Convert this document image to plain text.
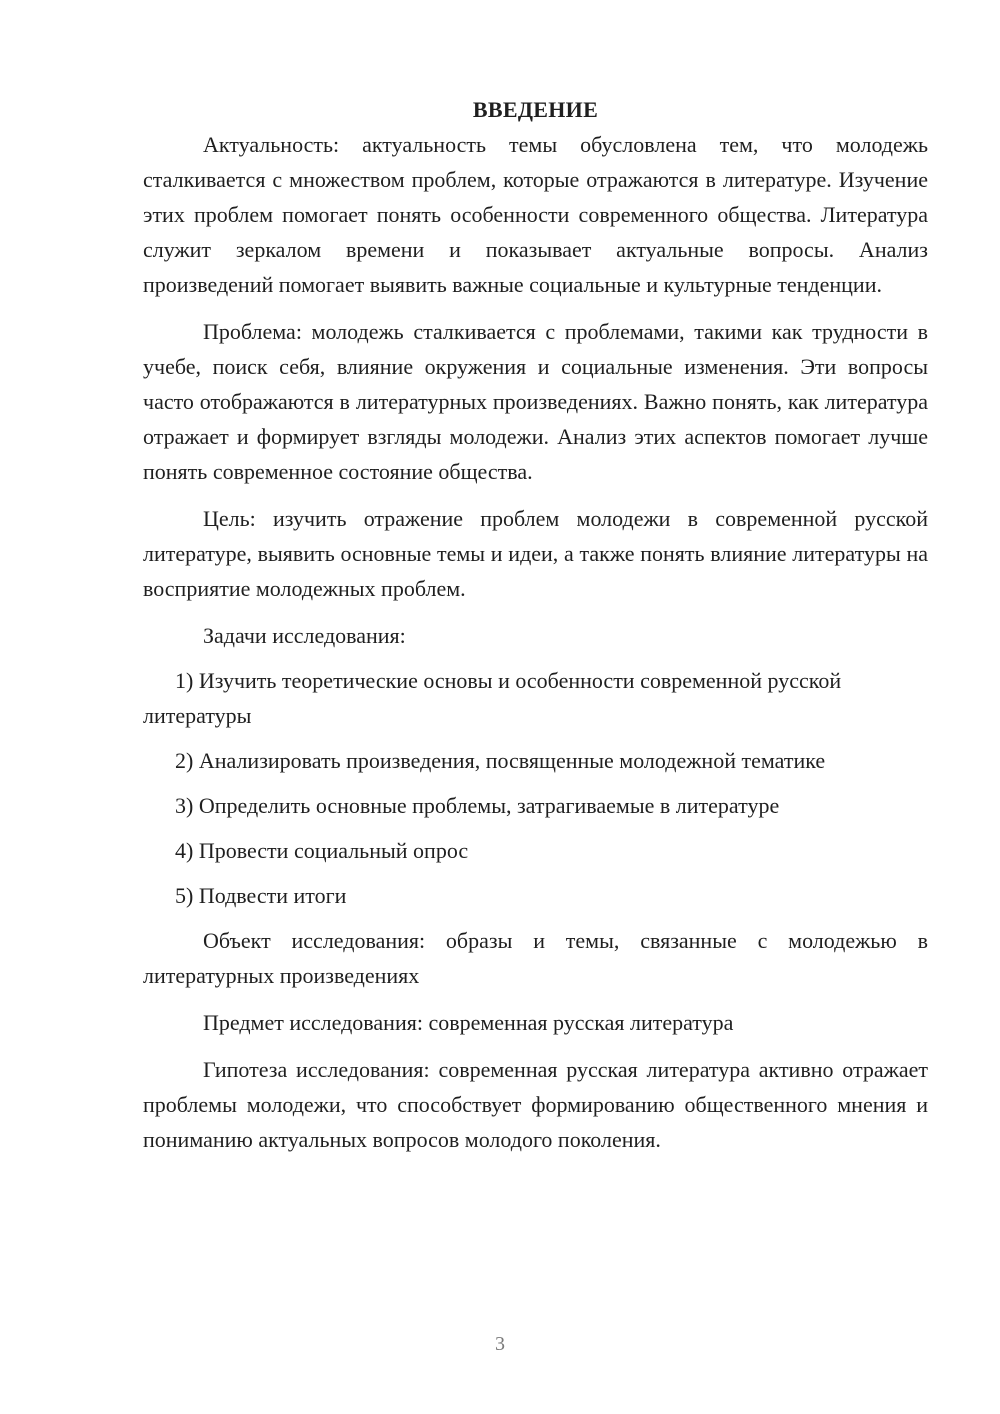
ВВЕДЕНИЕ

Актуальность: актуальность темы обусловлена тем, что молодежь сталкивается с множеством проблем, которые отражаются в литературе. Изучение этих проблем помогает понять особенности современного общества. Литература служит зеркалом времени и показывает актуальные вопросы. Анализ произведений помогает выявить важные социальные и культурные тенденции.

Проблема: молодежь сталкивается с проблемами, такими как трудности в учебе, поиск себя, влияние окружения и социальные изменения. Эти вопросы часто отображаются в литературных произведениях. Важно понять, как литература отражает и формирует взгляды молодежи. Анализ этих аспектов помогает лучше понять современное состояние общества.

Цель: изучить отражение проблем молодежи в современной русской литературе, выявить основные темы и идеи, а также понять влияние литературы на восприятие молодежных проблем.

Задачи исследования:

1) Изучить теоретические основы и особенности современной русской литературы

2) Анализировать произведения, посвященные молодежной тематике

3) Определить основные проблемы, затрагиваемые в литературе

4) Провести социальный опрос

5) Подвести итоги

Объект исследования: образы и темы, связанные с молодежью в литературных произведениях

Предмет исследования: современная русская литература

Гипотеза исследования: современная русская литература активно отражает проблемы молодежи, что способствует формированию общественного мнения и пониманию актуальных вопросов молодого поколения.

3
